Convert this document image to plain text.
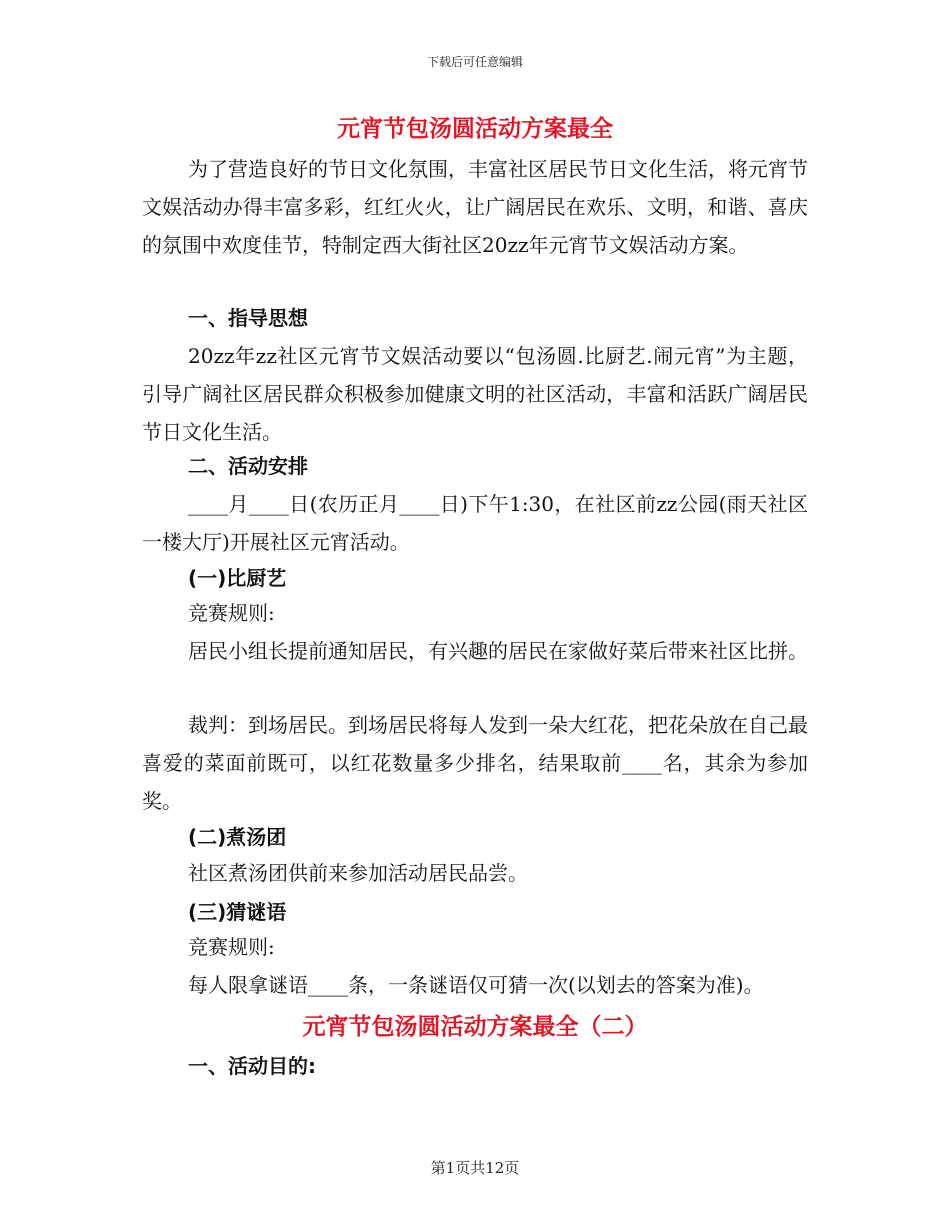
下载后可任意编辑
元宵节包汤圆活动方案最全
为了营造良好的节日文化氛围，丰富社区居民节日文化生活，将元宵节文娱活动办得丰富多彩，红红火火，让广阔居民在欢乐、文明，和谐、喜庆的氛围中欢度佳节，特制定西大街社区20zz年元宵节文娱活动方案。
一、指导思想
20zz年zz社区元宵节文娱活动要以“包汤圆.比厨艺.闹元宵”为主题，引导广阔社区居民群众积极参加健康文明的社区活动，丰富和活跃广阔居民节日文化生活。
二、活动安排
____月____日(农历正月____日)下午1:30，在社区前zz公园(雨天社区一楼大厅)开展社区元宵活动。
(一)比厨艺
竞赛规则:
居民小组长提前通知居民，有兴趣的居民在家做好菜后带来社区比拼。
裁判：到场居民。到场居民将每人发到一朵大红花，把花朵放在自己最喜爱的菜面前既可，以红花数量多少排名，结果取前____名，其余为参加奖。
(二)煮汤团
社区煮汤团供前来参加活动居民品尝。
(三)猜谜语
竞赛规则:
每人限拿谜语____条，一条谜语仅可猜一次(以划去的答案为准)。
元宵节包汤圆活动方案最全（二）
一、活动目的:
第1页共12页
